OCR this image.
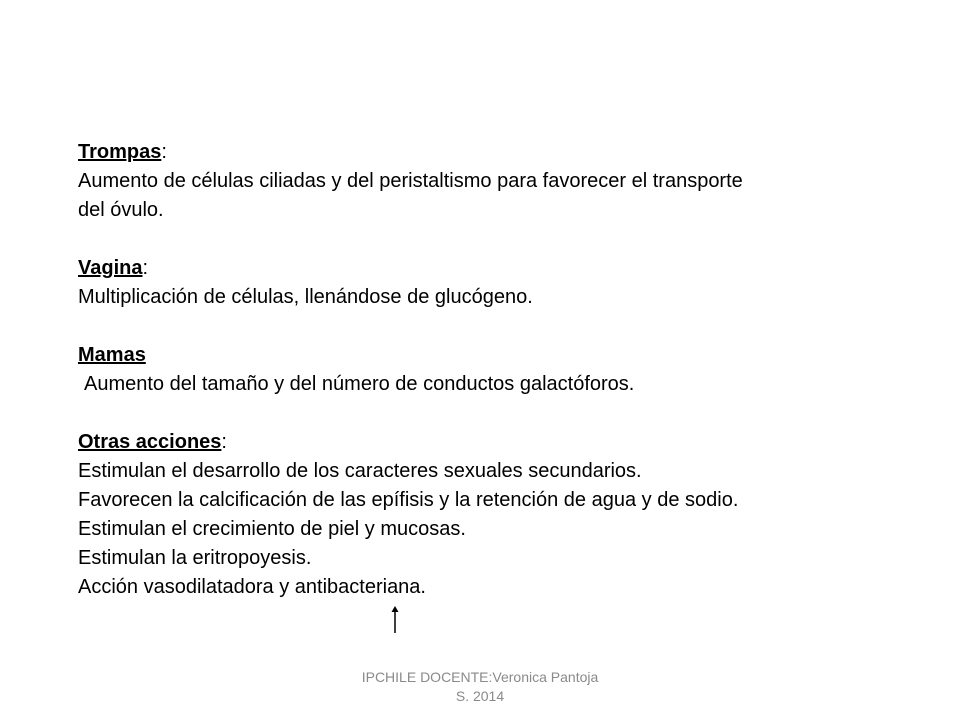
Trompas:
Aumento de células ciliadas y del peristaltismo para favorecer el transporte
del óvulo.
Vagina:
Multiplicación de células, llenándose de glucógeno.
Mamas
Aumento del tamaño y del número de conductos galactóforos.
Otras acciones:
Estimulan el desarrollo de los caracteres sexuales secundarios.
Favorecen la calcificación de las epífisis y la retención de agua y de sodio.
Estimulan el crecimiento de piel y mucosas.
Estimulan la eritropoyesis.
Acción vasodilatadora y antibacteriana.
IPCHILE DOCENTE:Veronica Pantoja
S. 2014
